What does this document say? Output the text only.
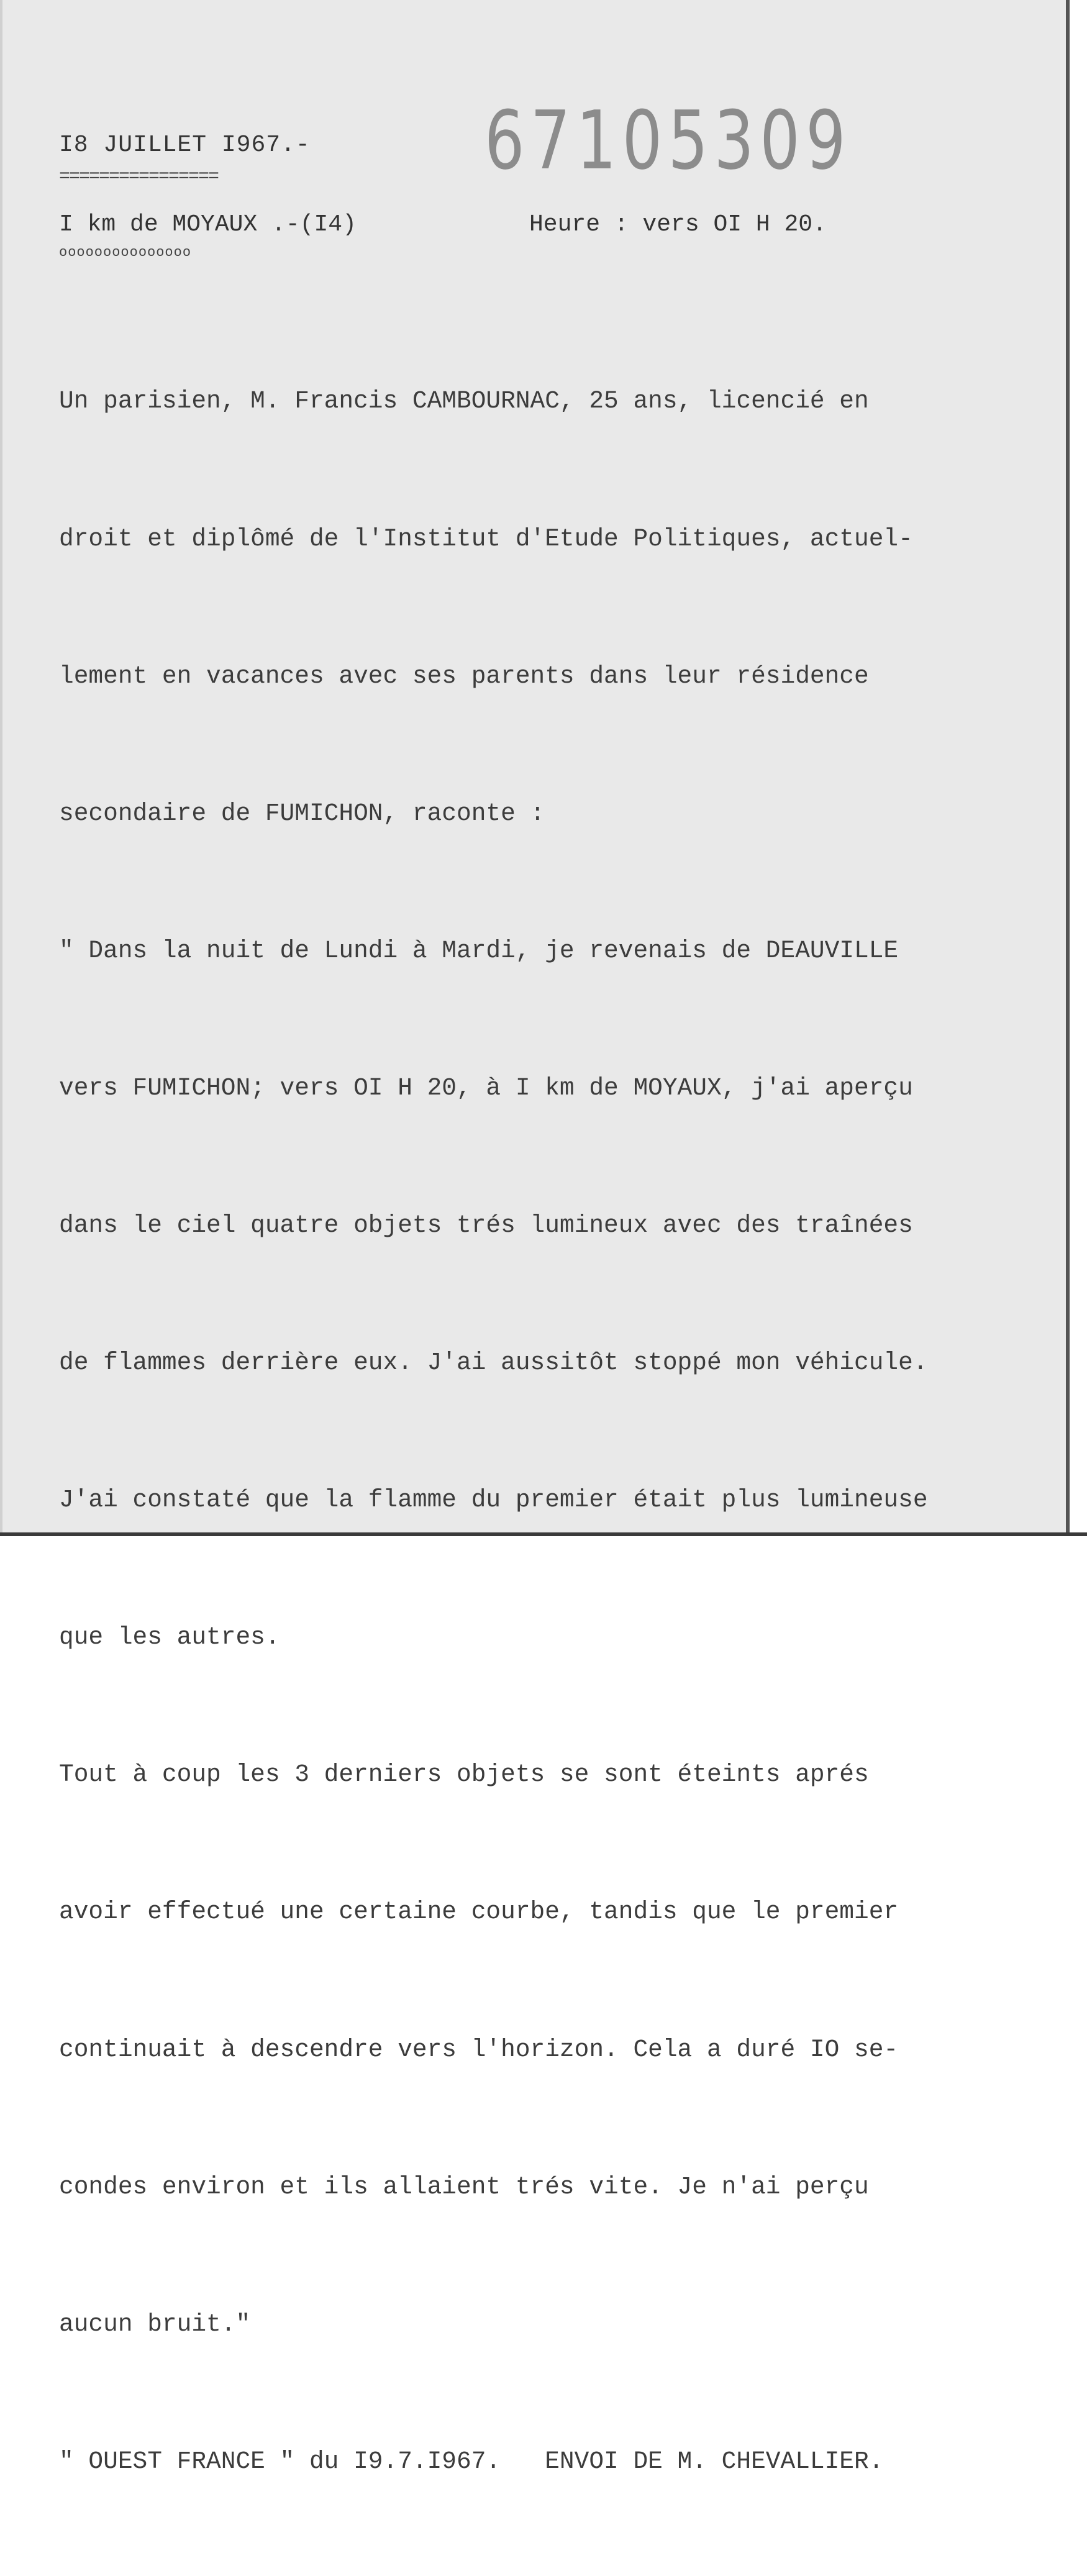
I8 JUILLET I967.-
================	67105309
I km de MOYAUX .-(I4)
ooooooooooooooo
Heure : vers OI H 20.

Un parisien, M. Francis CAMBOURNAC, 25 ans, licencié en

droit et diplômé de l'Institut d'Etude Politiques, actuel-

lement en vacances avec ses parents dans leur résidence

secondaire de FUMICHON, raconte :

" Dans la nuit de Lundi à Mardi, je revenais de DEAUVILLE

vers FUMICHON; vers OI H 20, à I km de MOYAUX, j'ai aperçu

dans le ciel quatre objets trés lumineux avec des traînées

de flammes derrière eux. J'ai aussitôt stoppé mon véhicule.

J'ai constaté que la flamme du premier était plus lumineuse

que les autres.

Tout à coup les 3 derniers objets se sont éteints aprés

avoir effectué une certaine courbe, tandis que le premier

continuait à descendre vers l'horizon. Cela a duré IO se-

condes environ et ils allaient trés vite. Je n'ai perçu

aucun bruit."

" OUEST FRANCE " du I9.7.I967.   ENVOI DE M. CHEVALLIER.
